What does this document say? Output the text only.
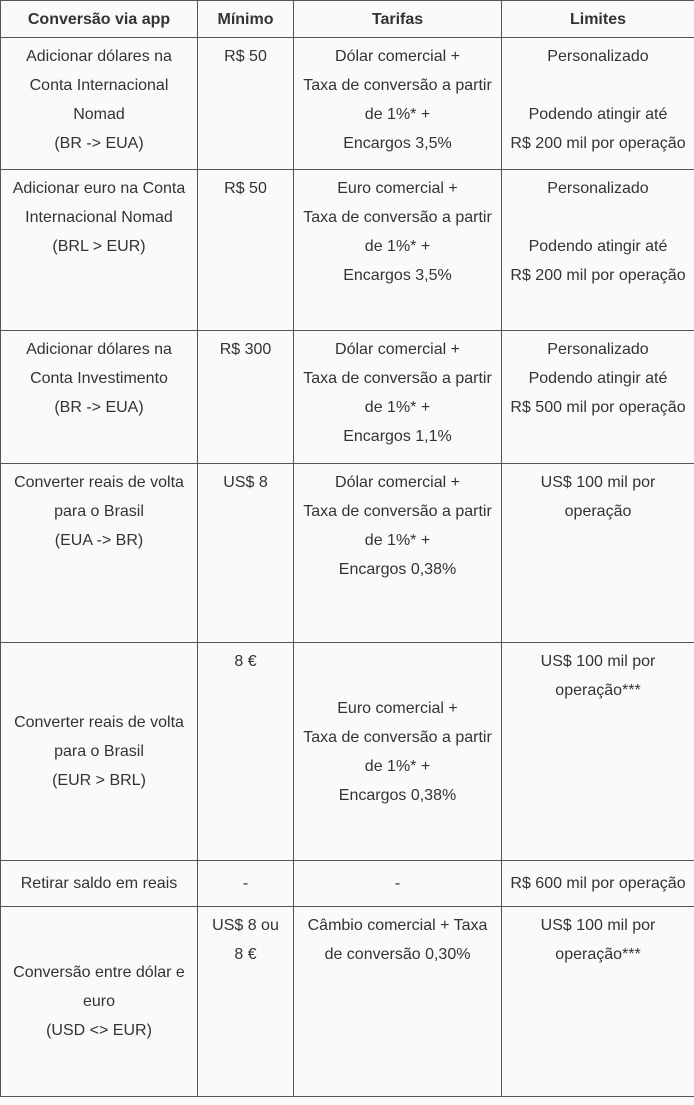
Conversão via app	Mínimo	Tarifas	Limites

Adicionar dólares na
Conta Internacional
Nomad
(BR -> EUA)	R$ 50	Dólar comercial +
Taxa de conversão a partir
de 1%* +
Encargos 3,5%	Personalizado
Podendo atingir até
R$ 200 mil por operação

Adicionar euro na Conta
Internacional Nomad
(BRL > EUR)	R$ 50	Euro comercial +
Taxa de conversão a partir
de 1%* +
Encargos 3,5%	Personalizado
Podendo atingir até
R$ 200 mil por operação

Adicionar dólares na
Conta Investimento
(BR -> EUA)	R$ 300	Dólar comercial +
Taxa de conversão a partir
de 1%* +
Encargos 1,1%	Personalizado
Podendo atingir até
R$ 500 mil por operação

Converter reais de volta
para o Brasil
(EUA -> BR)	US$ 8	Dólar comercial +
Taxa de conversão a partir
de 1%* +
Encargos 0,38%	US$ 100 mil por
operação

Converter reais de volta
para o Brasil
(EUR > BRL)	8 €	Euro comercial +
Taxa de conversão a partir
de 1%* +
Encargos 0,38%	US$ 100 mil por
operação***

Retirar saldo em reais	-	-	R$ 600 mil por operação

Conversão entre dólar e
euro
(USD <> EUR)	US$ 8 ou
8 €	Câmbio comercial + Taxa
de conversão 0,30%	US$ 100 mil por
operação***
